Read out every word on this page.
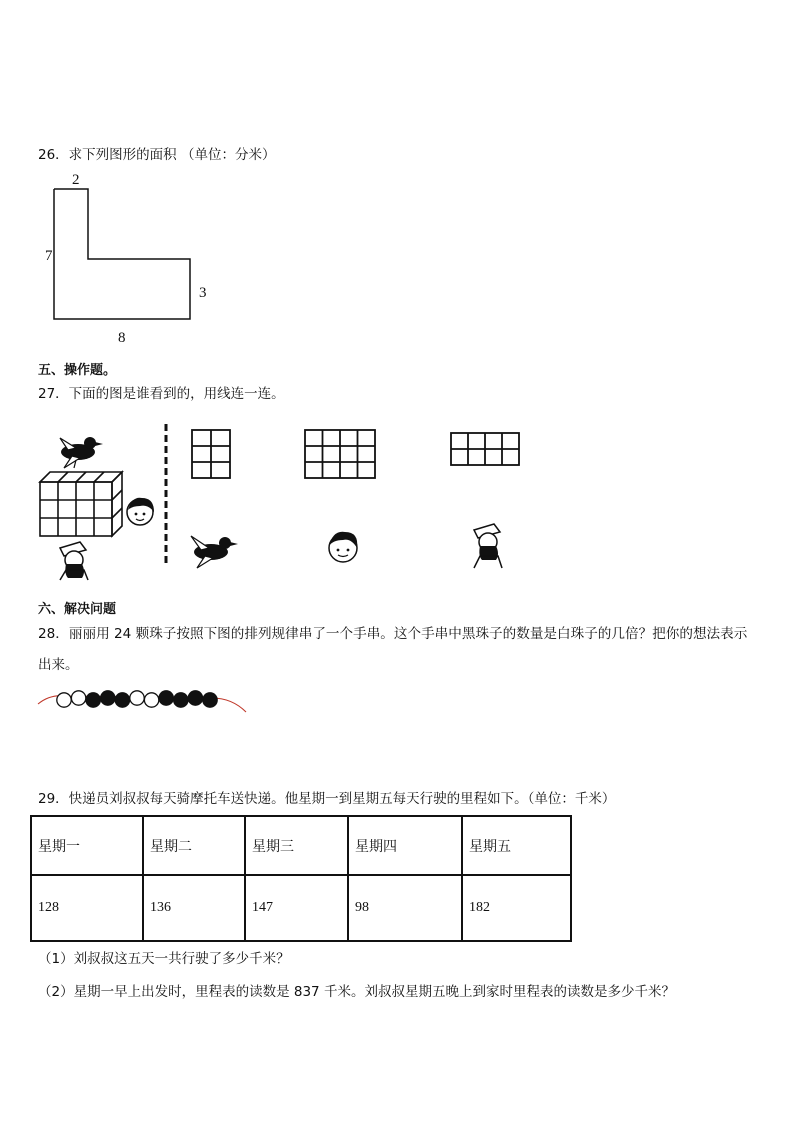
26．求下列图形的面积 （单位：分米）
2
7
3
8
五、操作题。
27．下面的图是谁看到的，用线连一连。
六、解决问题
28．丽丽用 24 颗珠子按照下图的排列规律串了一个手串。这个手串中黑珠子的数量是白珠子的几倍？把你的想法表示
出来。
29．快递员刘叔叔每天骑摩托车送快递。他星期一到星期五每天行驶的里程如下。（单位：千米）
星期一	星期二	星期三	星期四	星期五
128	136	147	98	182
（1）刘叔叔这五天一共行驶了多少千米？
（2）星期一早上出发时，里程表的读数是 837 千米。刘叔叔星期五晚上到家时里程表的读数是多少千米？
